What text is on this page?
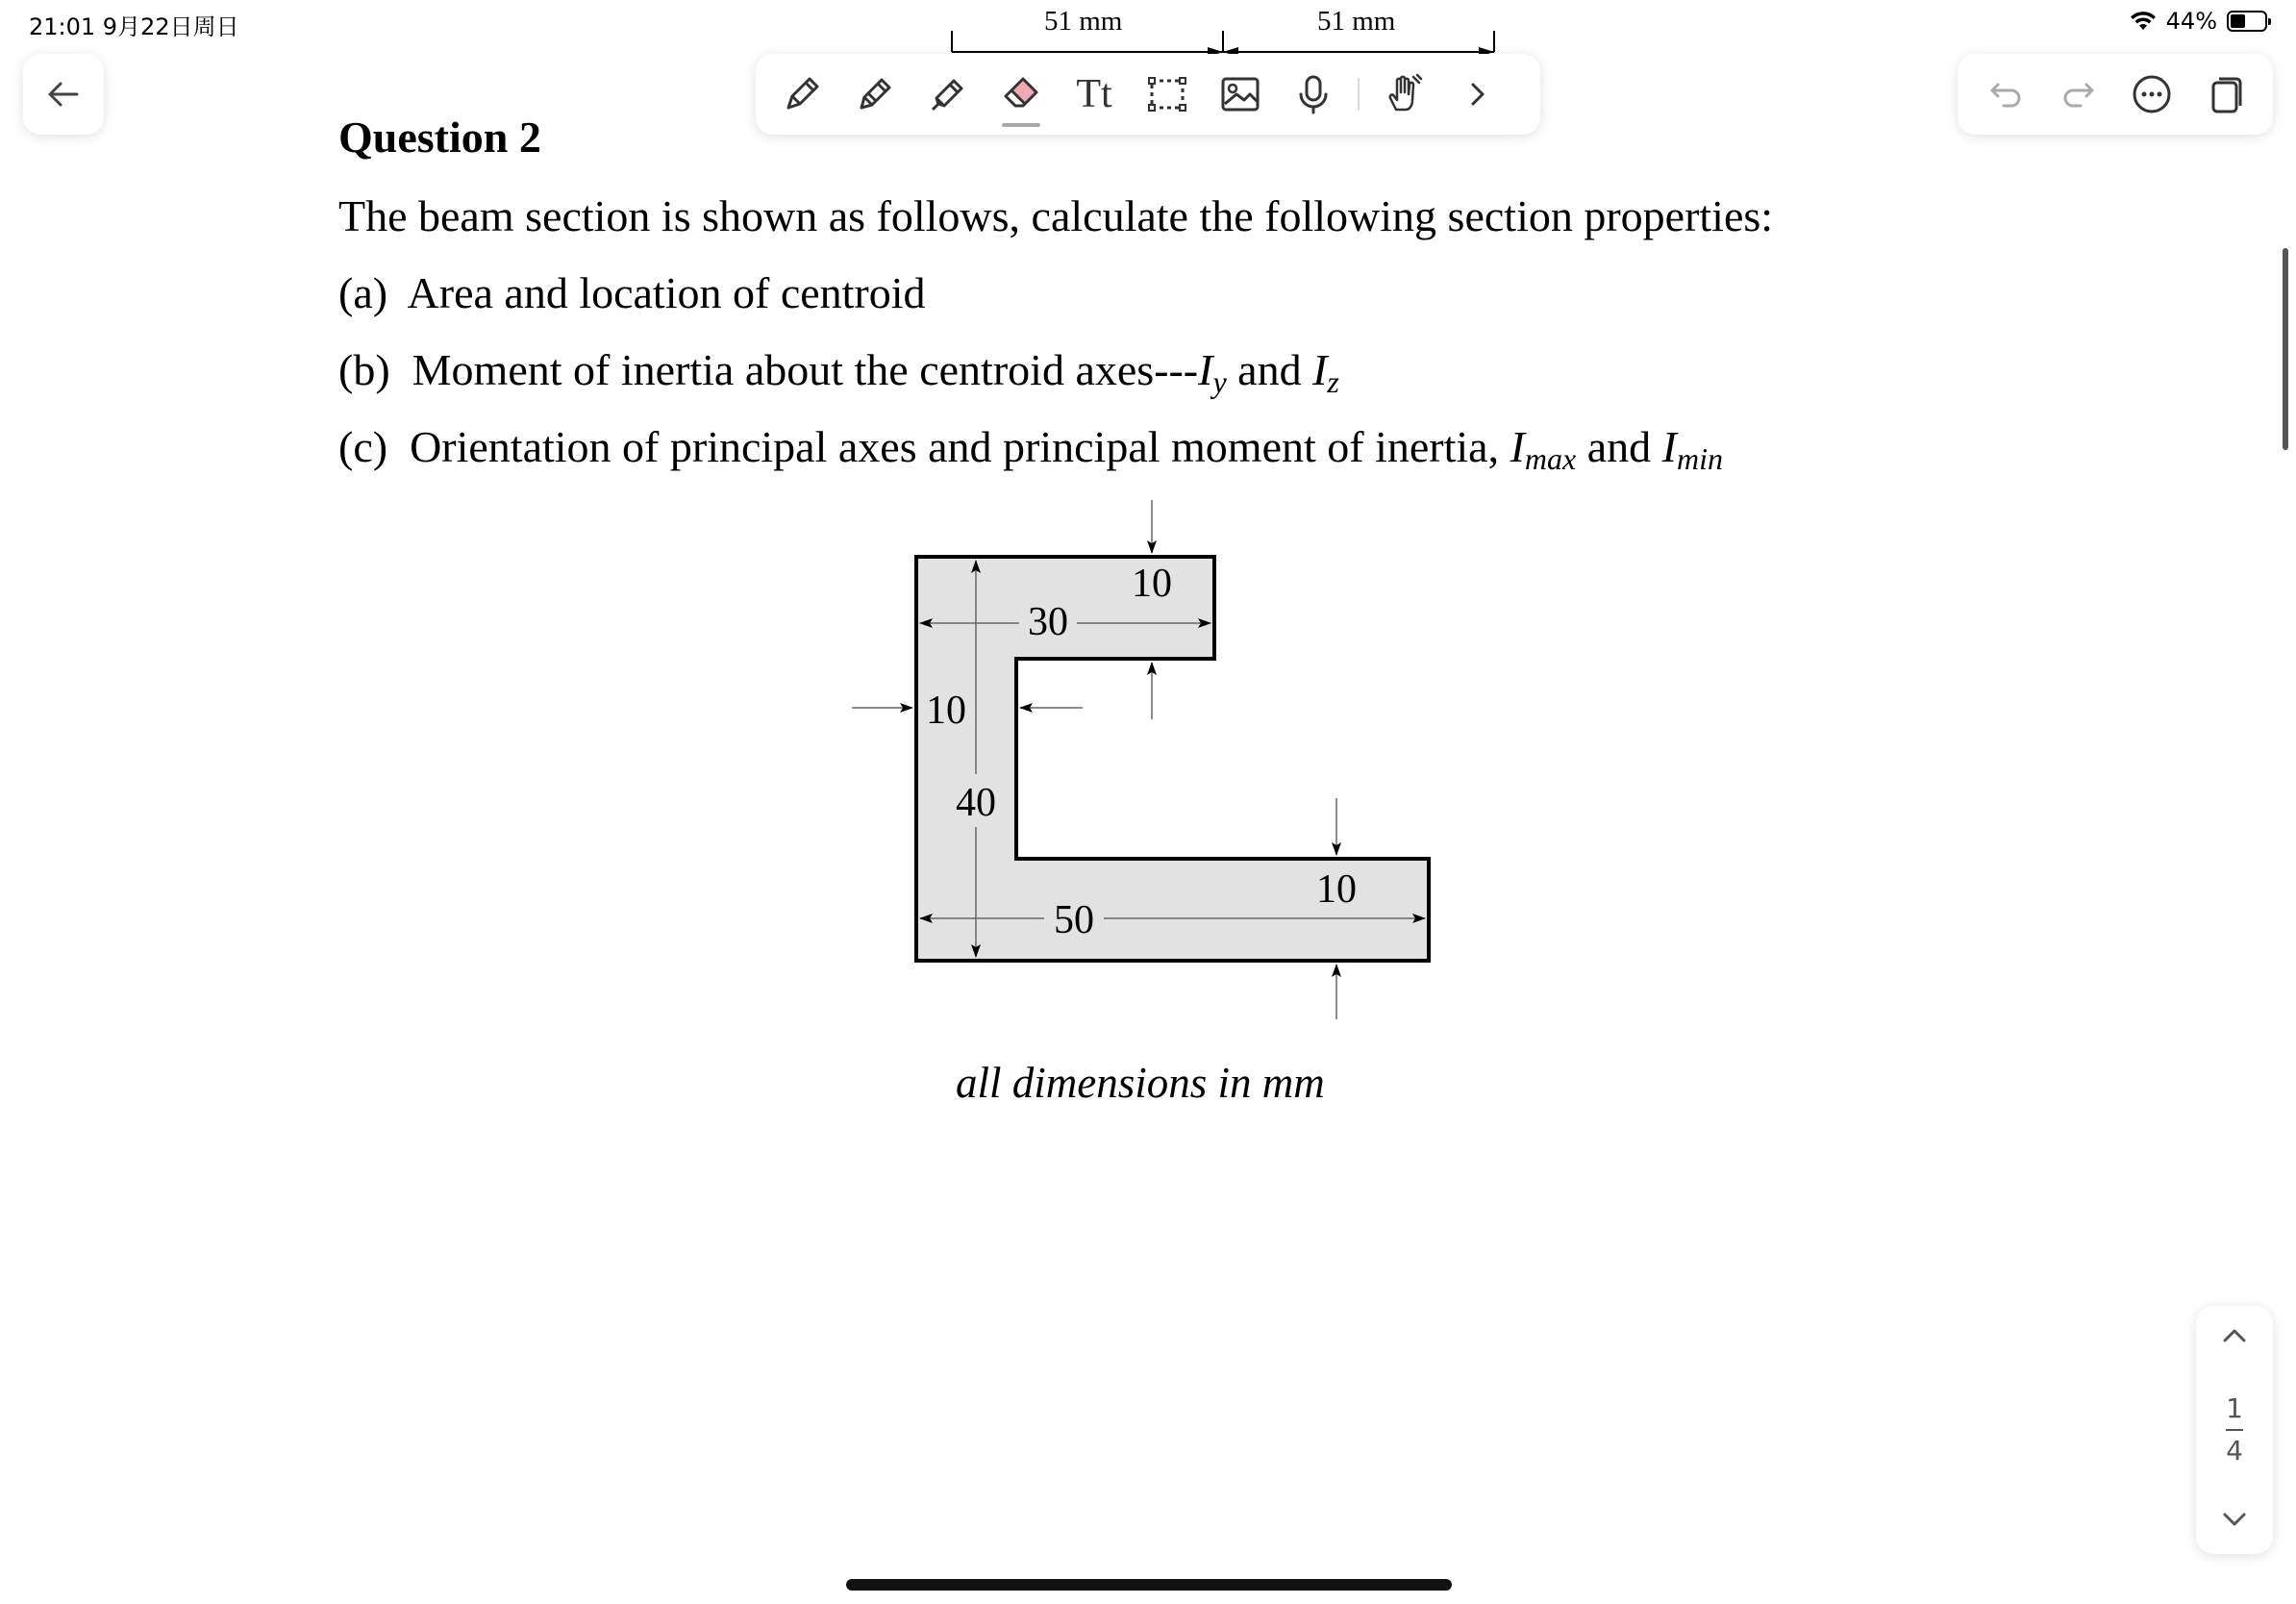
21:01 9月22日周日	44%
51 mm	51 mm
Tt
Question 2
The beam section is shown as follows, calculate the following section properties:
(a) Area and location of centroid
(b) Moment of inertia about the centroid axes-$--I_y$ and $I_z$
(c) Orientation of principal axes and principal moment of inertia, $I_{max}$ and $I_{min}$
10
30
10
40
10
50
all dimensions in mm
1
4
